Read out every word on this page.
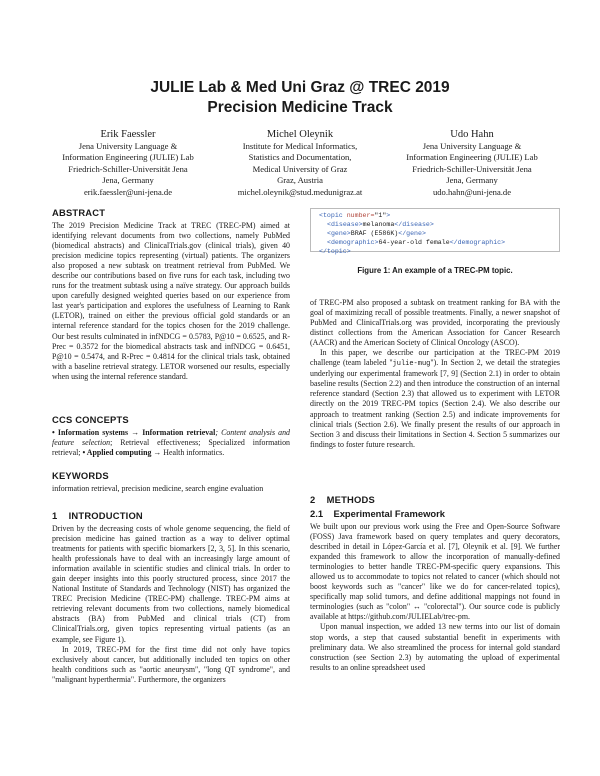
JULIE Lab & Med Uni Graz @ TREC 2019
Precision Medicine Track
Erik Faessler
Jena University Language &
Information Engineering (JULIE) Lab
Friedrich-Schiller-Universität Jena
Jena, Germany
erik.faessler@uni-jena.de
Michel Oleynik
Institute for Medical Informatics,
Statistics and Documentation,
Medical University of Graz
Graz, Austria
michel.oleynik@stud.medunigraz.at
Udo Hahn
Jena University Language &
Information Engineering (JULIE) Lab
Friedrich-Schiller-Universität Jena
Jena, Germany
udo.hahn@uni-jena.de
ABSTRACT

The 2019 Precision Medicine Track at TREC (TREC-PM) aimed at identifying relevant documents from two collections, namely PubMed (biomedical abstracts) and ClinicalTrials.gov (clinical trials), given 40 precision medicine topics representing (virtual) patients. The organizers also proposed a new subtask on treatment retrieval from PubMed. We describe our contributions based on five runs for each task, including two runs for the treatment subtask using a naïve strategy. Our approach builds upon carefully designed weighted queries based on our experience from last year's participation and explores the usefulness of Learning to Rank (LETOR), trained on either the previous official gold standards or an internal reference standard for the topics chosen for the 2019 challenge. Our best results culminated in infNDCG = 0.5783, P@10 = 0.6525, and R-Prec = 0.3572 for the biomedical abstracts task and infNDCG = 0.6451, P@10 = 0.5474, and R-Prec = 0.4814 for the clinical trials task, obtained with a baseline retrieval strategy. LETOR worsened our results, especially when using the internal reference standard.

CCS CONCEPTS

• Information systems → Information retrieval; Content analysis and feature selection; Retrieval effectiveness; Specialized information retrieval; • Applied computing → Health informatics.

KEYWORDS

information retrieval, precision medicine, search engine evaluation

1    INTRODUCTION

Driven by the decreasing costs of whole genome sequencing, the field of precision medicine has gained traction as a way to deliver optimal treatments for patients with specific biomarkers [2, 3, 5]. In this scenario, health professionals have to deal with an increasingly large amount of information available in scientific studies and clinical trials. In order to gain deeper insights into this poorly structured process, since 2017 the National Institute of Standards and Technology (NIST) has organized the TREC Precision Medicine (TREC-PM) challenge. TREC-PM aims at retrieving relevant documents from two collections, namely biomedical abstracts (BA) from PubMed and clinical trials (CT) from ClinicalTrials.org, given topics representing virtual patients (as an example, see Figure 1).

In 2019, TREC-PM for the first time did not only have topics exclusively about cancer, but additionally included ten topics on other health conditions such as "aortic aneurysm", "long QT syndrome", and "malignant hyperthermia". Furthermore, the organizers

<topic number="1">
<disease>melanoma</disease>
<gene>BRAF (E586K)</gene>
<demographic>64-year-old female</demographic>
</topic>
Figure 1: An example of a TREC-PM topic.

of TREC-PM also proposed a subtask on treatment ranking for BA with the goal of maximizing recall of possible treatments. Finally, a newer snapshot of PubMed and ClinicalTrials.org was provided, incorporating the previously distinct collections from the American Association for Cancer Research (AACR) and the American Society of Clinical Oncology (ASCO).

In this paper, we describe our participation at the TREC-PM 2019 challenge (team labeled "julie-mug"). In Section 2, we detail the strategies underlying our experimental framework [7, 9] (Section 2.1) in order to obtain baseline results (Section 2.2) and then introduce the construction of an internal reference standard (Section 2.3) that allowed us to experiment with LETOR directly on the 2019 TREC-PM topics (Section 2.4). We also describe our approach to treatment ranking (Section 2.5) and indicate improvements for clinical trials (Section 2.6). We finally present the results of our approach in Section 3 and discuss their limitations in Section 4. Section 5 summarizes our findings to foster future research.

2    METHODS
2.1    Experimental Framework

We built upon our previous work using the Free and Open-Source Software (FOSS) Java framework based on query templates and query decorators, described in detail in López-García et al. [7], Oleynik et al. [9]. We further expanded this framework to allow the incorporation of manually-defined terminologies to better handle TREC-PM-specific query expansions. This allowed us to accommodate to topics not related to cancer (which should not boost keywords such as "cancer" like we do for cancer-related topics), specifically map solid tumors, and define additional mappings not found in terminologies (such as "colon" ↔ "colorectal"). Our source code is publicly available at https://github.com/JULIELab/trec-pm.

Upon manual inspection, we added 13 new terms into our list of domain stop words, a step that caused substantial benefit in experiments with preliminary data. We also streamlined the process for internal gold standard construction (see Section 2.3) by automating the upload of experimental results to an online spreadsheet used
